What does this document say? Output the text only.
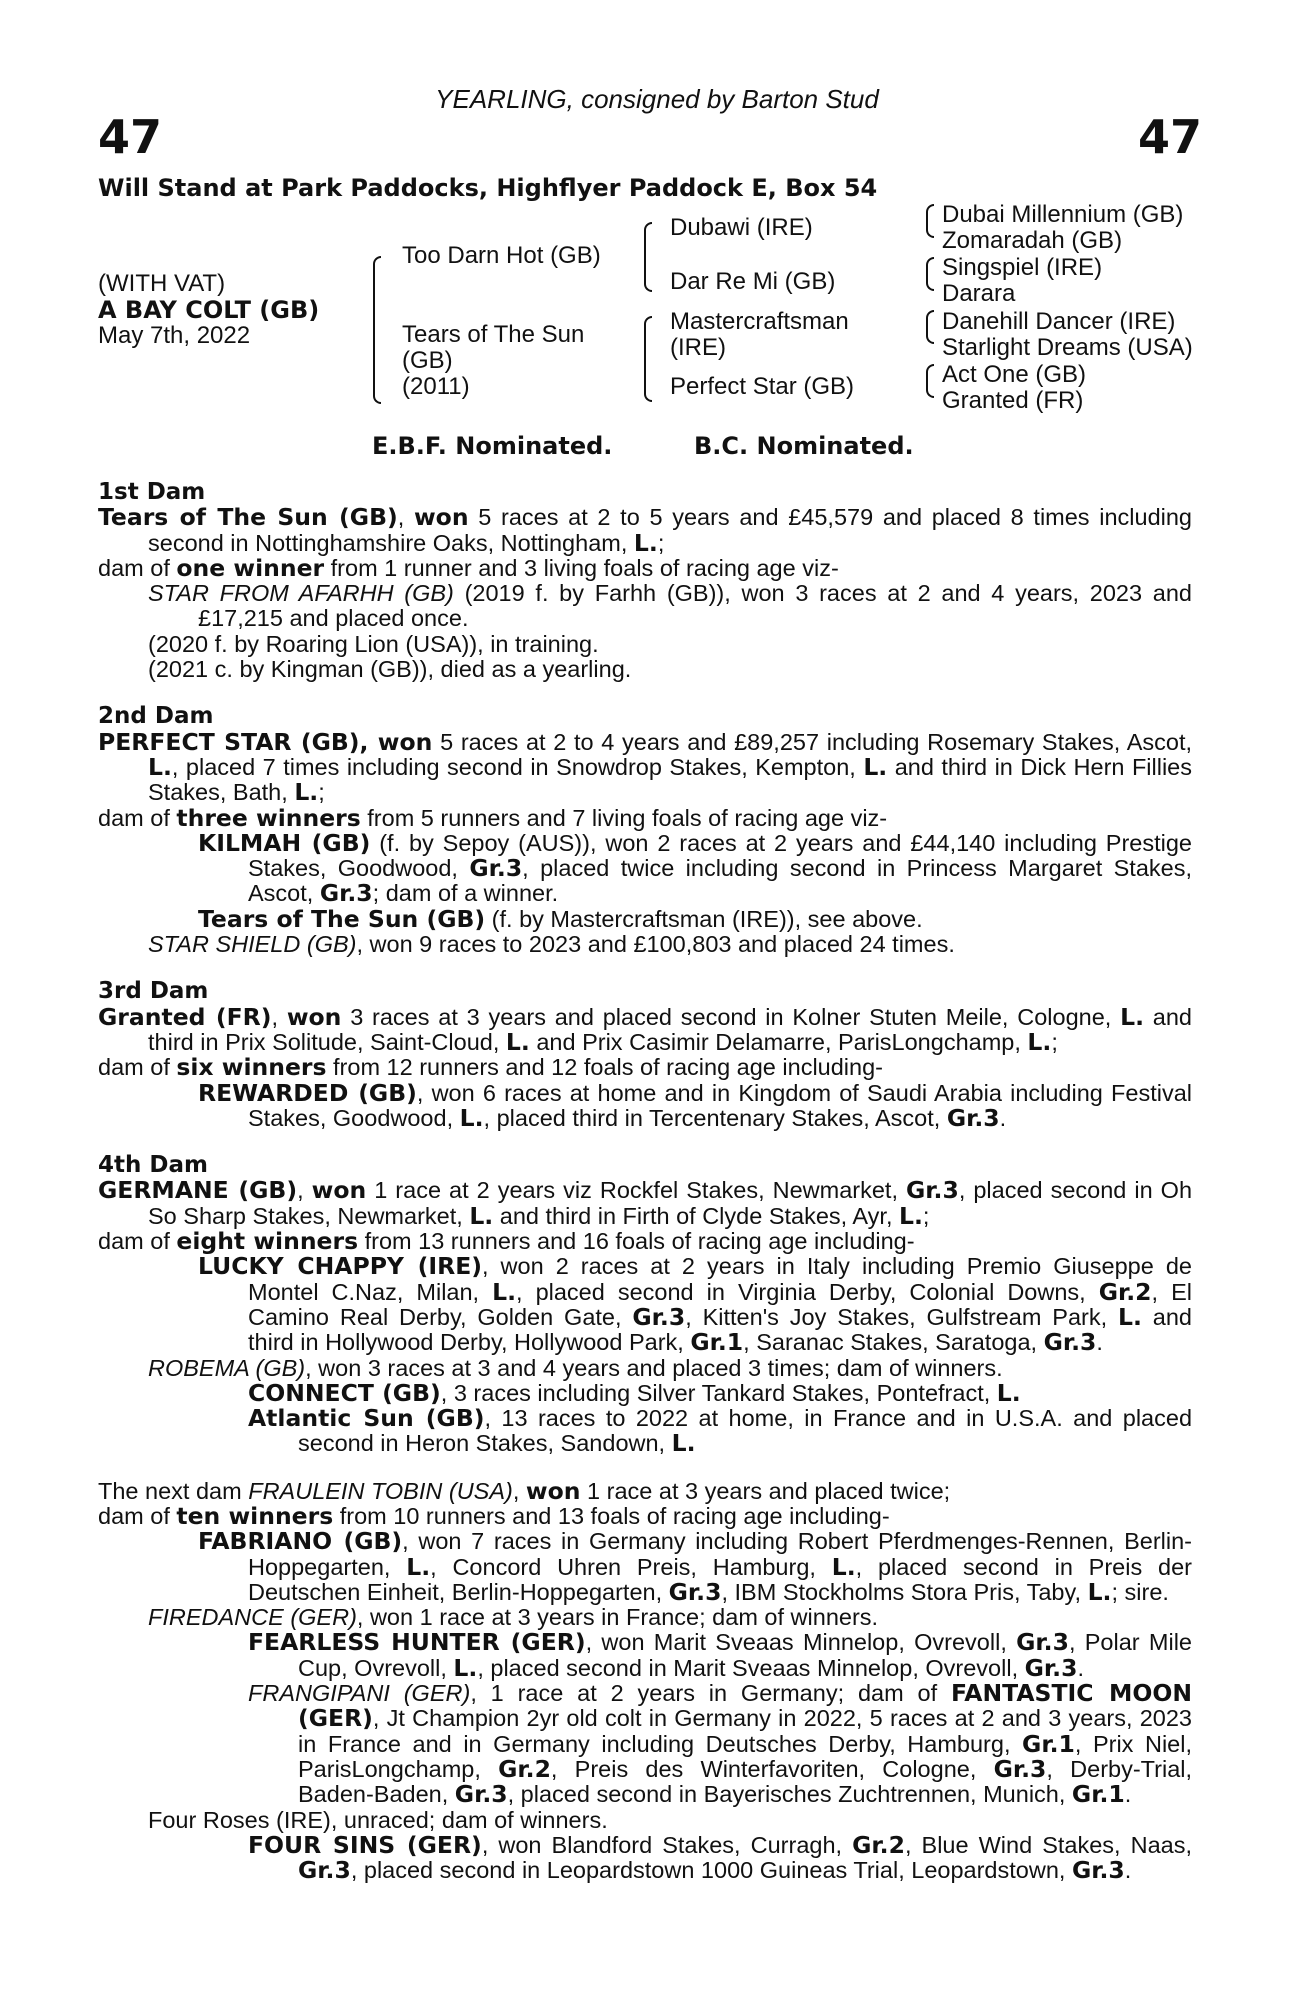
YEARLING, consigned by Barton Stud
47	47
Will Stand at Park Paddocks, Highflyer Paddock E, Box 54
(WITH VAT)
A BAY COLT (GB)
May 7th, 2022
Too Darn Hot (GB)
Tears of The Sun
(GB)
(2011)
Dubawi (IRE)
Dar Re Mi (GB)
Mastercraftsman
(IRE)
Perfect Star (GB)
Dubai Millennium (GB)
Zomaradah (GB)
Singspiel (IRE)
Darara
Danehill Dancer (IRE)
Starlight Dreams (USA)
Act One (GB)
Granted (FR)
E.B.F. Nominated.	B.C. Nominated.
1st Dam
Tears of The Sun (GB), won 5 races at 2 to 5 years and £45,579 and placed 8 times including second in Nottinghamshire Oaks, Nottingham, L.;
dam of one winner from 1 runner and 3 living foals of racing age viz-
STAR FROM AFARHH (GB) (2019 f. by Farhh (GB)), won 3 races at 2 and 4 years, 2023 and £17,215 and placed once.
(2020 f. by Roaring Lion (USA)), in training.
(2021 c. by Kingman (GB)), died as a yearling.
2nd Dam
PERFECT STAR (GB), won 5 races at 2 to 4 years and £89,257 including Rosemary Stakes, Ascot, L., placed 7 times including second in Snowdrop Stakes, Kempton, L. and third in Dick Hern Fillies Stakes, Bath, L.;
dam of three winners from 5 runners and 7 living foals of racing age viz-
KILMAH (GB) (f. by Sepoy (AUS)), won 2 races at 2 years and £44,140 including Prestige Stakes, Goodwood, Gr.3, placed twice including second in Princess Margaret Stakes, Ascot, Gr.3; dam of a winner.
Tears of The Sun (GB) (f. by Mastercraftsman (IRE)), see above.
STAR SHIELD (GB), won 9 races to 2023 and £100,803 and placed 24 times.
3rd Dam
Granted (FR), won 3 races at 3 years and placed second in Kolner Stuten Meile, Cologne, L. and third in Prix Solitude, Saint-Cloud, L. and Prix Casimir Delamarre, ParisLongchamp, L.;
dam of six winners from 12 runners and 12 foals of racing age including-
REWARDED (GB), won 6 races at home and in Kingdom of Saudi Arabia including Festival Stakes, Goodwood, L., placed third in Tercentenary Stakes, Ascot, Gr.3.
4th Dam
GERMANE (GB), won 1 race at 2 years viz Rockfel Stakes, Newmarket, Gr.3, placed second in Oh So Sharp Stakes, Newmarket, L. and third in Firth of Clyde Stakes, Ayr, L.;
dam of eight winners from 13 runners and 16 foals of racing age including-
LUCKY CHAPPY (IRE), won 2 races at 2 years in Italy including Premio Giuseppe de Montel C.Naz, Milan, L., placed second in Virginia Derby, Colonial Downs, Gr.2, El Camino Real Derby, Golden Gate, Gr.3, Kitten's Joy Stakes, Gulfstream Park, L. and third in Hollywood Derby, Hollywood Park, Gr.1, Saranac Stakes, Saratoga, Gr.3.
ROBEMA (GB), won 3 races at 3 and 4 years and placed 3 times; dam of winners.
CONNECT (GB), 3 races including Silver Tankard Stakes, Pontefract, L.
Atlantic Sun (GB), 13 races to 2022 at home, in France and in U.S.A. and placed second in Heron Stakes, Sandown, L.
The next dam FRAULEIN TOBIN (USA), won 1 race at 3 years and placed twice;
dam of ten winners from 10 runners and 13 foals of racing age including-
FABRIANO (GB), won 7 races in Germany including Robert Pferdmenges-Rennen, Berlin-Hoppegarten, L., Concord Uhren Preis, Hamburg, L., placed second in Preis der Deutschen Einheit, Berlin-Hoppegarten, Gr.3, IBM Stockholms Stora Pris, Taby, L.; sire.
FIREDANCE (GER), won 1 race at 3 years in France; dam of winners.
FEARLESS HUNTER (GER), won Marit Sveaas Minnelop, Ovrevoll, Gr.3, Polar Mile Cup, Ovrevoll, L., placed second in Marit Sveaas Minnelop, Ovrevoll, Gr.3.
FRANGIPANI (GER), 1 race at 2 years in Germany; dam of FANTASTIC MOON (GER), Jt Champion 2yr old colt in Germany in 2022, 5 races at 2 and 3 years, 2023 in France and in Germany including Deutsches Derby, Hamburg, Gr.1, Prix Niel, ParisLongchamp, Gr.2, Preis des Winterfavoriten, Cologne, Gr.3, Derby-Trial, Baden-Baden, Gr.3, placed second in Bayerisches Zuchtrennen, Munich, Gr.1.
Four Roses (IRE), unraced; dam of winners.
FOUR SINS (GER), won Blandford Stakes, Curragh, Gr.2, Blue Wind Stakes, Naas, Gr.3, placed second in Leopardstown 1000 Guineas Trial, Leopardstown, Gr.3.
